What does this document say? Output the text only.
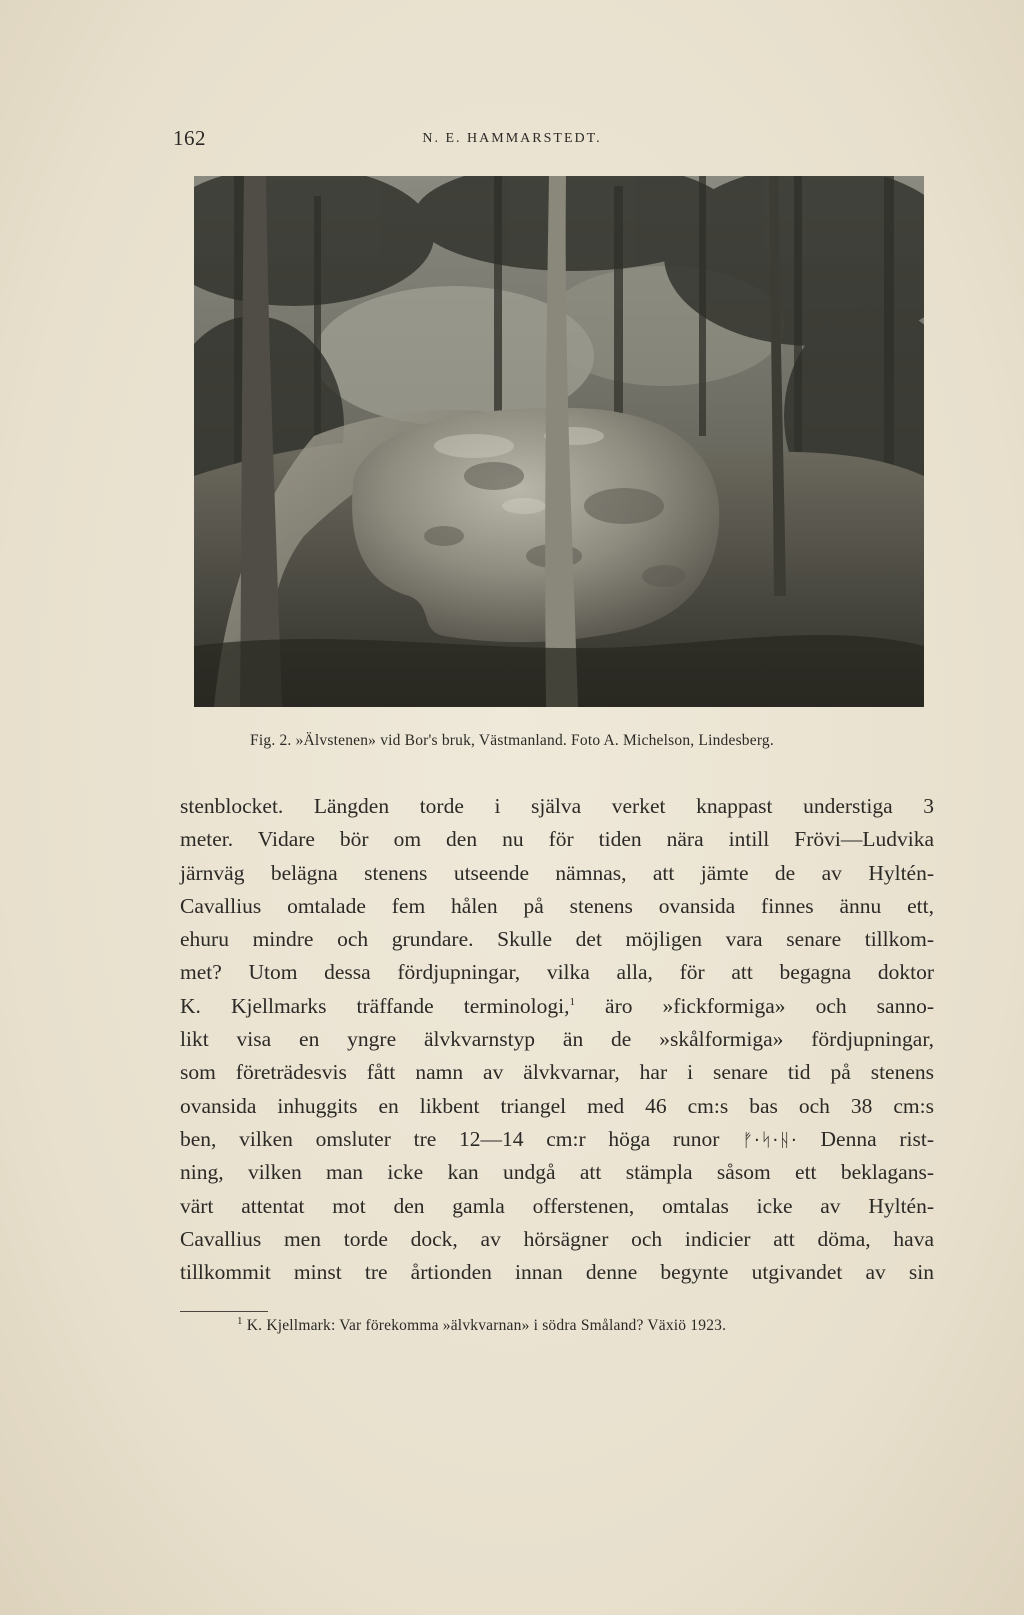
162	N. E. HAMMARSTEDT.
Fig. 2. »Älvstenen» vid Bor's bruk, Västmanland. Foto A. Michelson, Lindesberg.
stenblocket. Längden torde i själva verket knappast understiga 3
meter. Vidare bör om den nu för tiden nära intill Frövi—Ludvika
järnväg belägna stenens utseende nämnas, att jämte de av Hyltén-
Cavallius omtalade fem hålen på stenens ovansida finnes ännu ett,
ehuru mindre och grundare. Skulle det möjligen vara senare tillkom-
met? Utom dessa fördjupningar, vilka alla, för att begagna doktor
K. Kjellmarks träffande terminologi,$^1$ äro »fickformiga» och sanno-
likt visa en yngre älvkvarnstyp än de »skålformiga» fördjupningar,
som företrädesvis fått namn av älvkvarnar, har i senare tid på stenens
ovansida inhuggits en likbent triangel med 46 cm:s bas och 38 cm:s
ben, vilken omsluter tre 12—14 cm:r höga runor ᚠ·ᛋ·ᚺ· Denna rist-
ning, vilken man icke kan undgå att stämpla såsom ett beklagans-
värt attentat mot den gamla offerstenen, omtalas icke av Hyltén-
Cavallius men torde dock, av hörsägner och indicier att döma, hava
tillkommit minst tre årtionden innan denne begynte utgivandet av sin
$^1$ K. Kjellmark: Var förekomma »älvkvarnan» i södra Småland? Växiö 1923.
